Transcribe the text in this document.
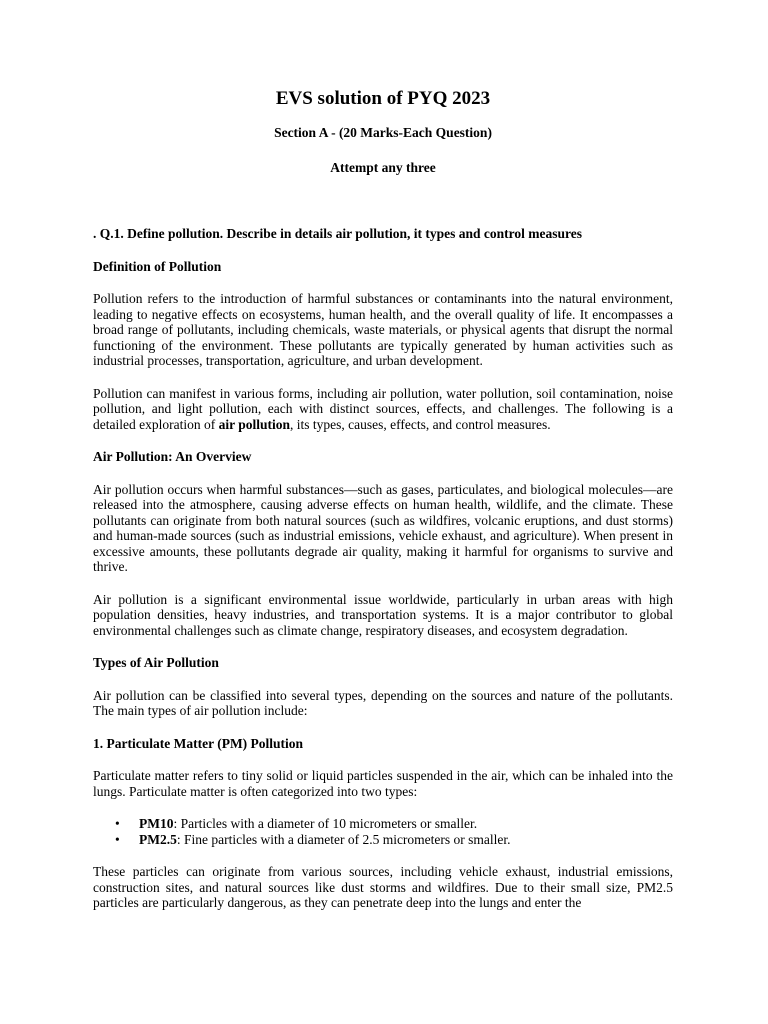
EVS solution of PYQ 2023
Section A - (20 Marks-Each Question)
Attempt any three
. Q.1. Define pollution. Describe in details air pollution, it types and control measures
Definition of Pollution

Pollution refers to the introduction of harmful substances or contaminants into the natural environment, leading to negative effects on ecosystems, human health, and the overall quality of life. It encompasses a broad range of pollutants, including chemicals, waste materials, or physical agents that disrupt the normal functioning of the environment. These pollutants are typically generated by human activities such as industrial processes, transportation, agriculture, and urban development.

Pollution can manifest in various forms, including air pollution, water pollution, soil contamination, noise pollution, and light pollution, each with distinct sources, effects, and challenges. The following is a detailed exploration of air pollution, its types, causes, effects, and control measures.

Air Pollution: An Overview

Air pollution occurs when harmful substances—such as gases, particulates, and biological molecules—are released into the atmosphere, causing adverse effects on human health, wildlife, and the climate. These pollutants can originate from both natural sources (such as wildfires, volcanic eruptions, and dust storms) and human-made sources (such as industrial emissions, vehicle exhaust, and agriculture). When present in excessive amounts, these pollutants degrade air quality, making it harmful for organisms to survive and thrive.

Air pollution is a significant environmental issue worldwide, particularly in urban areas with high population densities, heavy industries, and transportation systems. It is a major contributor to global environmental challenges such as climate change, respiratory diseases, and ecosystem degradation.

Types of Air Pollution

Air pollution can be classified into several types, depending on the sources and nature of the pollutants. The main types of air pollution include:

1. Particulate Matter (PM) Pollution

Particulate matter refers to tiny solid or liquid particles suspended in the air, which can be inhaled into the lungs. Particulate matter is often categorized into two types:

• PM10: Particles with a diameter of 10 micrometers or smaller.
• PM2.5: Fine particles with a diameter of 2.5 micrometers or smaller.

These particles can originate from various sources, including vehicle exhaust, industrial emissions, construction sites, and natural sources like dust storms and wildfires. Due to their small size, PM2.5 particles are particularly dangerous, as they can penetrate deep into the lungs and enter the
